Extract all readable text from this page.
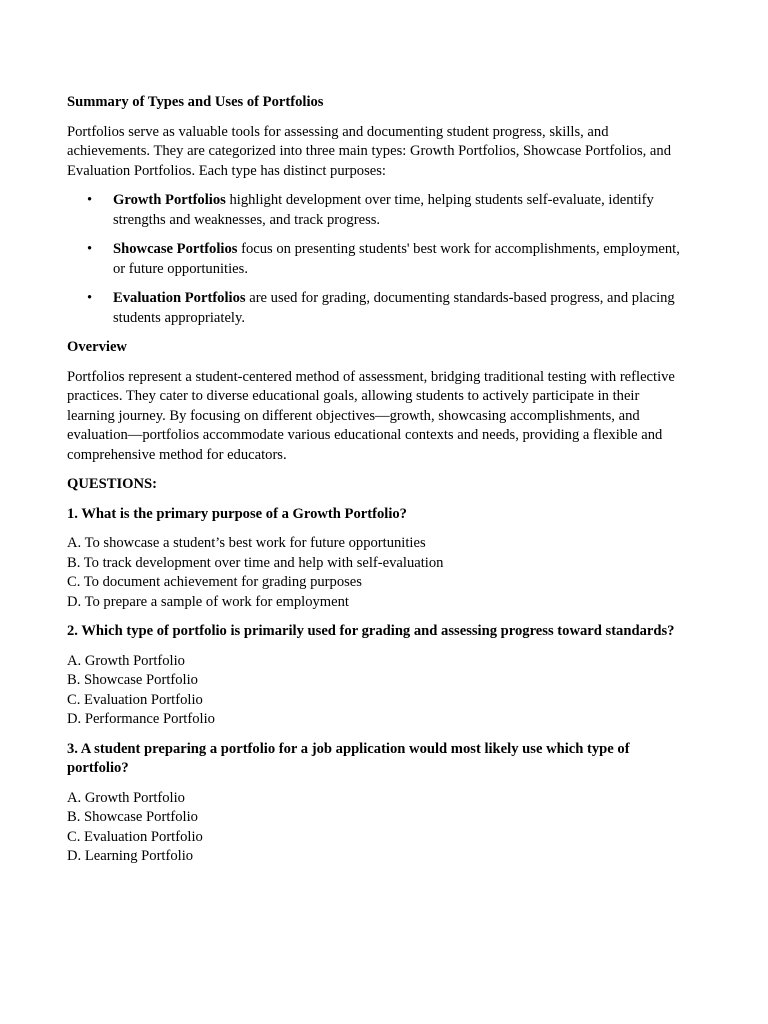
Summary of Types and Uses of Portfolios

Portfolios serve as valuable tools for assessing and documenting student progress, skills, and achievements. They are categorized into three main types: Growth Portfolios, Showcase Portfolios, and Evaluation Portfolios. Each type has distinct purposes:

• Growth Portfolios highlight development over time, helping students self-evaluate, identify strengths and weaknesses, and track progress.
• Showcase Portfolios focus on presenting students' best work for accomplishments, employment, or future opportunities.
• Evaluation Portfolios are used for grading, documenting standards-based progress, and placing students appropriately.

Overview

Portfolios represent a student-centered method of assessment, bridging traditional testing with reflective practices. They cater to diverse educational goals, allowing students to actively participate in their learning journey. By focusing on different objectives—growth, showcasing accomplishments, and evaluation—portfolios accommodate various educational contexts and needs, providing a flexible and comprehensive method for educators.

QUESTIONS:

1. What is the primary purpose of a Growth Portfolio?

A. To showcase a student’s best work for future opportunities
B. To track development over time and help with self-evaluation
C. To document achievement for grading purposes
D. To prepare a sample of work for employment

2. Which type of portfolio is primarily used for grading and assessing progress toward standards?

A. Growth Portfolio
B. Showcase Portfolio
C. Evaluation Portfolio
D. Performance Portfolio

3. A student preparing a portfolio for a job application would most likely use which type of portfolio?

A. Growth Portfolio
B. Showcase Portfolio
C. Evaluation Portfolio
D. Learning Portfolio
